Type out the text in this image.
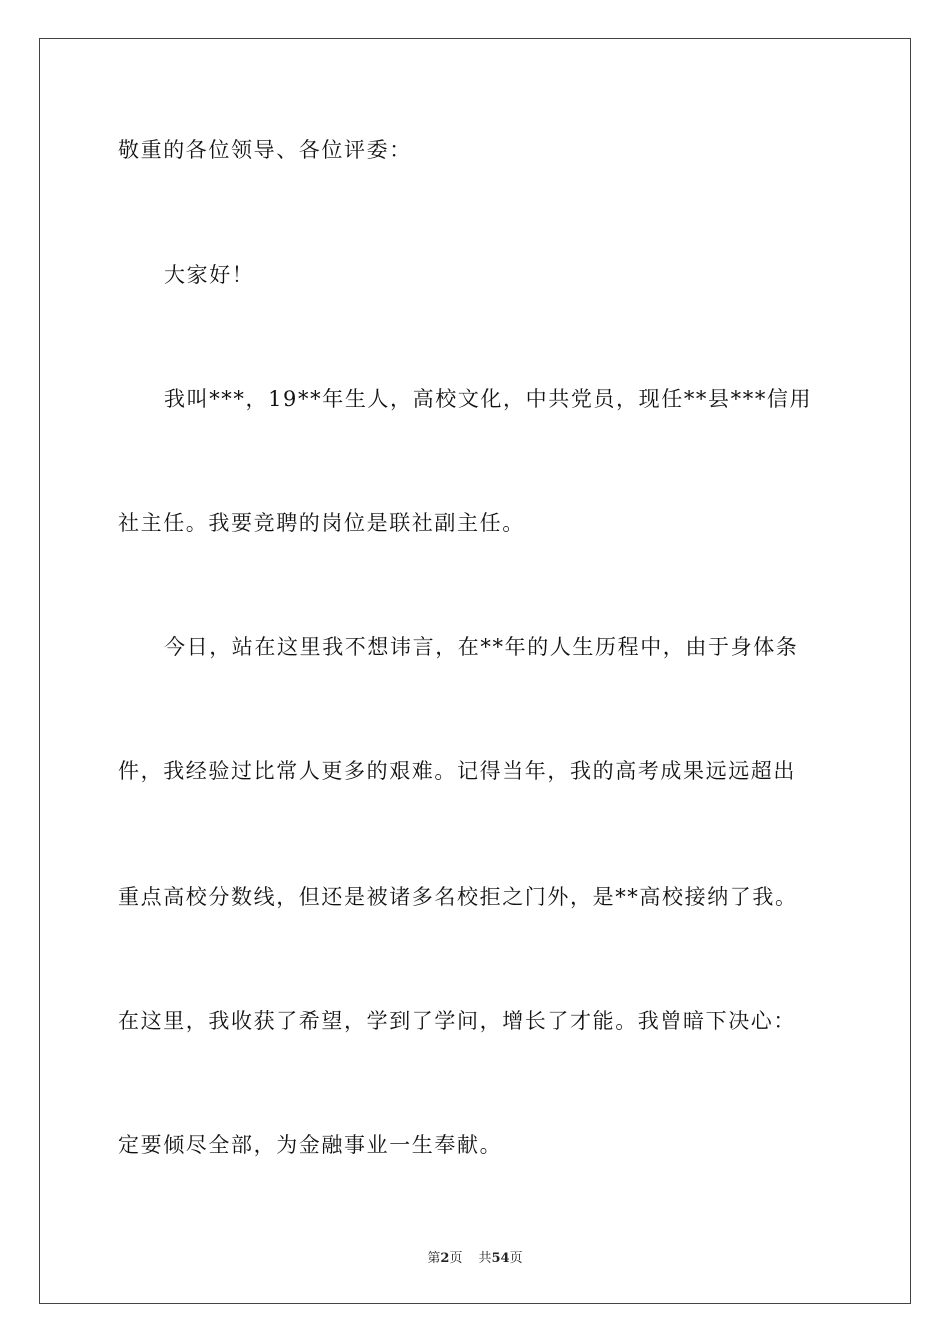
敬重的各位领导、各位评委：
大家好！
我叫***，19**年生人，高校文化，中共党员，现任**县***信用
社主任。我要竞聘的岗位是联社副主任。
今日，站在这里我不想讳言，在**年的人生历程中，由于身体条
件，我经验过比常人更多的艰难。记得当年，我的高考成果远远超出
重点高校分数线，但还是被诸多名校拒之门外，是**高校接纳了我。
在这里，我收获了希望，学到了学问，增长了才能。我曾暗下决心：
定要倾尽全部，为金融事业一生奉献。
第2页 共54页
